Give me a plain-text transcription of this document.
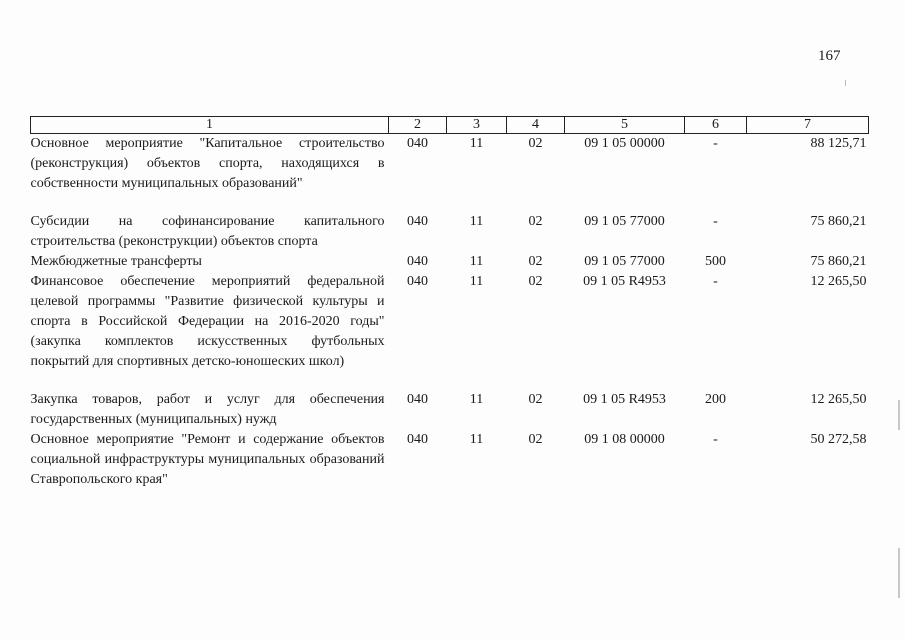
167
1	2	3	4	5	6	7
Основное мероприятие "Капитальное строительство (реконструкция) объектов спорта, находящихся в собственности муниципальных образований"	040	11	02	09 1 05 00000	-	88 125,71

Субсидии на софинансирование капитального строительства (реконструкции) объектов спорта	040	11	02	09 1 05 77000	-	75 860,21
Межбюджетные трансферты	040	11	02	09 1 05 77000	500	75 860,21
Финансовое обеспечение мероприятий федеральной целевой программы "Развитие физической культуры и спорта в Российской Федерации на 2016-2020 годы" (закупка комплектов искусственных футбольных покрытий для спортивных детско-юношеских школ)	040	11	02	09 1 05 R4953	-	12 265,50

Закупка товаров, работ и услуг для обеспечения государственных (муниципальных) нужд	040	11	02	09 1 05 R4953	200	12 265,50
Основное мероприятие "Ремонт и содержание объектов социальной инфраструктуры муниципальных образований Ставропольского края"	040	11	02	09 1 08 00000	-	50 272,58
